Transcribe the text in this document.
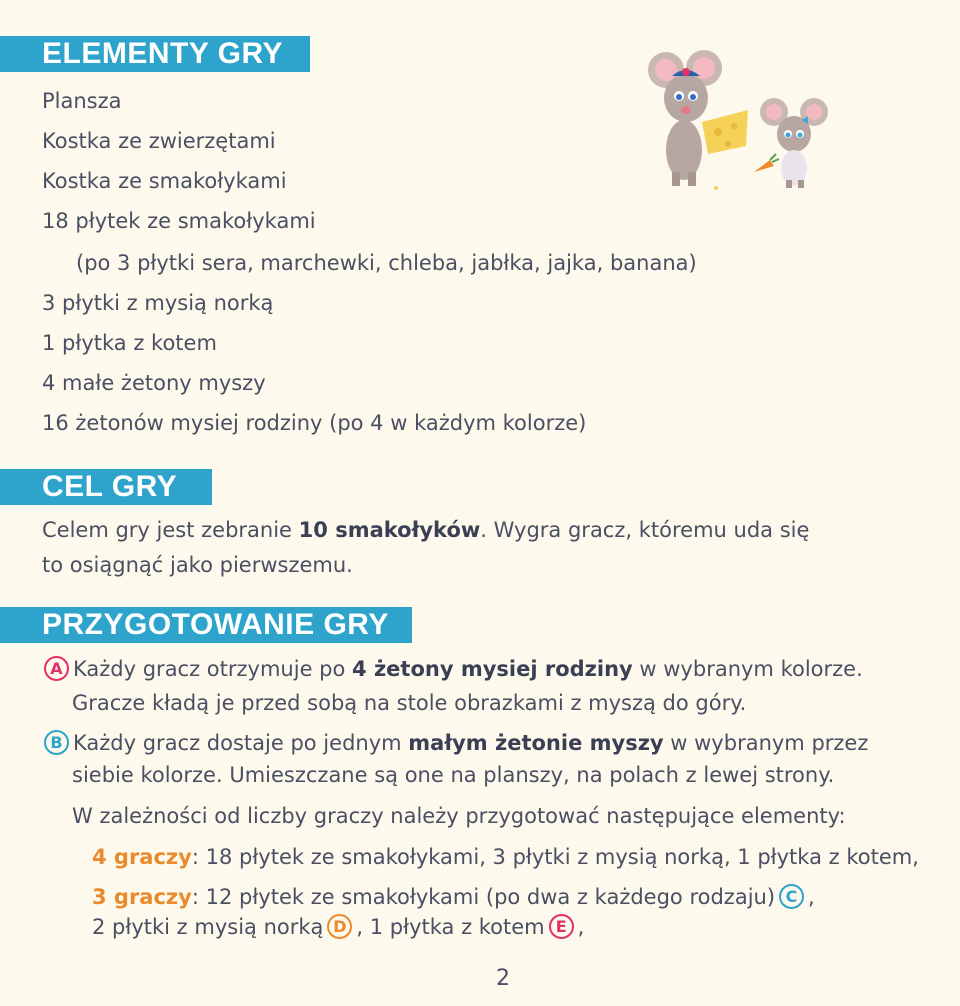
ELEMENTY GRY
Plansza
Kostka ze zwierzętami
Kostka ze smakołykami
18 płytek ze smakołykami
(po 3 płytki sera, marchewki, chleba, jabłka, jajka, banana)
3 płytki z mysią norką
1 płytka z kotem
4 małe żetony myszy
16 żetonów mysiej rodziny (po 4 w każdym kolorze)
CEL GRY
Celem gry jest zebranie 10 smakołyków. Wygra gracz, któremu uda się
to osiągnąć jako pierwszemu.
PRZYGOTOWANIE GRY
A Każdy gracz otrzymuje po 4 żetony mysiej rodziny w wybranym kolorze.
Gracze kładą je przed sobą na stole obrazkami z myszą do góry.
B Każdy gracz dostaje po jednym małym żetonie myszy w wybranym przez
siebie kolorze. Umieszczane są one na planszy, na polach z lewej strony.
W zależności od liczby graczy należy przygotować następujące elementy:
4 graczy: 18 płytek ze smakołykami, 3 płytki z mysią norką, 1 płytka z kotem,
3 graczy: 12 płytek ze smakołykami (po dwa z każdego rodzaju) C ,
2 płytki z mysią norką D , 1 płytka z kotem E ,
2
